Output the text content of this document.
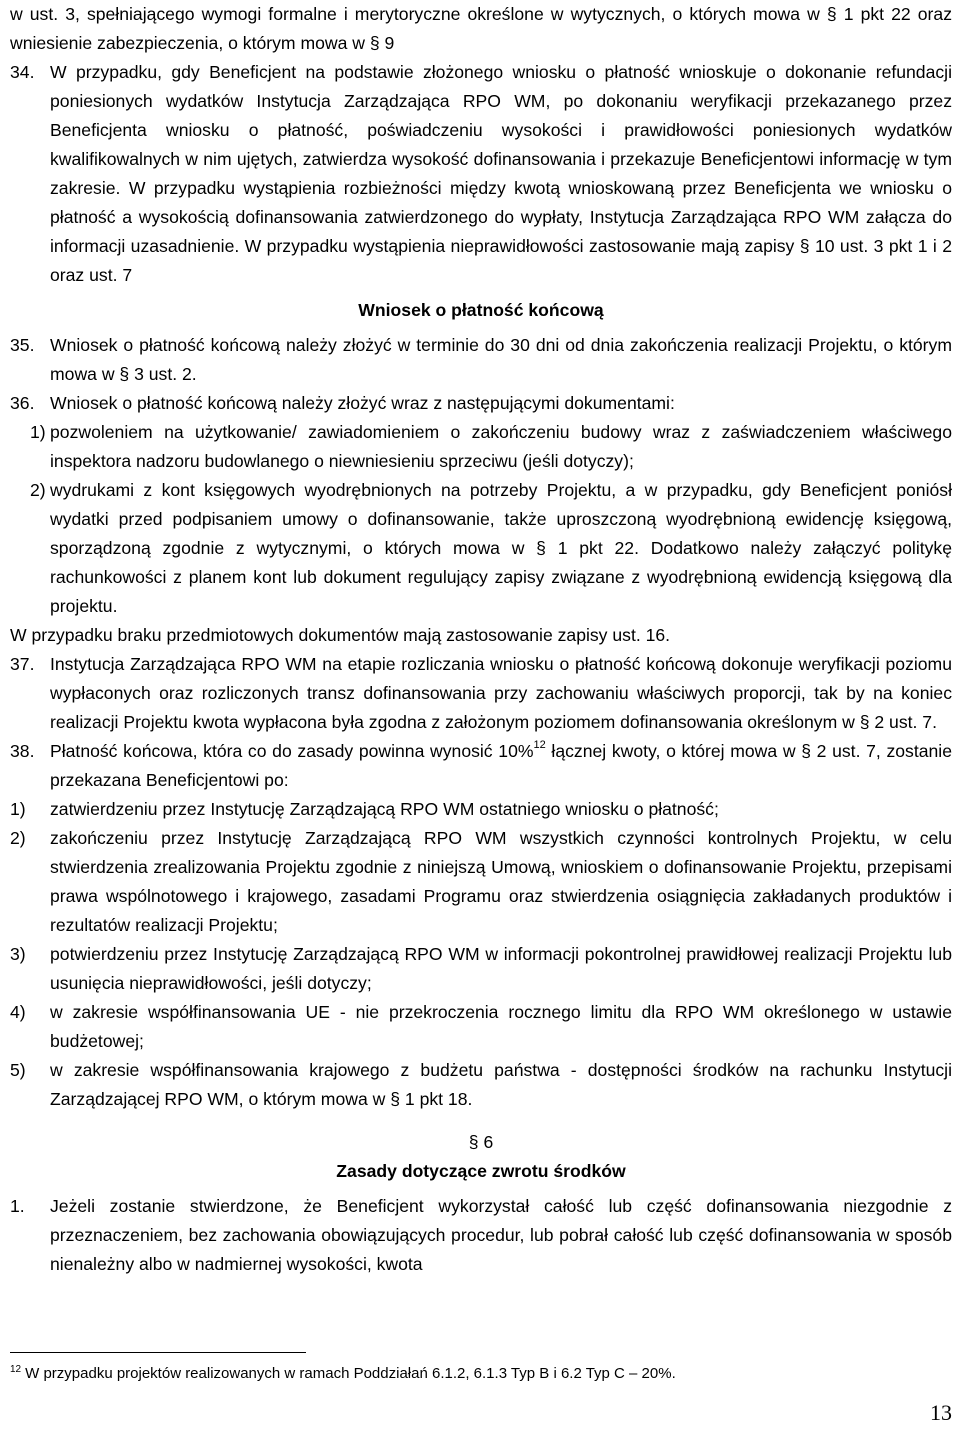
w ust. 3, spełniającego wymogi formalne i merytoryczne określone w wytycznych, o których mowa w § 1 pkt 22 oraz wniesienie zabezpieczenia, o którym mowa w § 9
34. W przypadku, gdy Beneficjent na podstawie złożonego wniosku o płatność wnioskuje o dokonanie refundacji poniesionych wydatków Instytucja Zarządzająca RPO WM, po dokonaniu weryfikacji przekazanego przez Beneficjenta wniosku o płatność, poświadczeniu wysokości i prawidłowości poniesionych wydatków kwalifikowalnych w nim ujętych, zatwierdza wysokość dofinansowania i przekazuje Beneficjentowi informację w tym zakresie. W przypadku wystąpienia rozbieżności między kwotą wnioskowaną przez Beneficjenta we wniosku o płatność a wysokością dofinansowania zatwierdzonego do wypłaty, Instytucja Zarządzająca RPO WM załącza do informacji uzasadnienie. W przypadku wystąpienia nieprawidłowości zastosowanie mają zapisy § 10 ust. 3 pkt 1 i 2 oraz ust. 7
Wniosek o płatność końcową
35. Wniosek o płatność końcową należy złożyć w terminie do 30 dni od dnia zakończenia realizacji Projektu, o którym mowa w § 3 ust. 2.
36. Wniosek o płatność końcową należy złożyć wraz z następującymi dokumentami:
1) pozwoleniem na użytkowanie/ zawiadomieniem o zakończeniu budowy wraz z zaświadczeniem właściwego inspektora nadzoru budowlanego o niewniesieniu sprzeciwu (jeśli dotyczy);
2) wydrukami z kont księgowych wyodrębnionych na potrzeby Projektu, a w przypadku, gdy Beneficjent poniósł wydatki przed podpisaniem umowy o dofinansowanie, także uproszczoną wyodrębnioną ewidencję księgową, sporządzoną zgodnie z wytycznymi, o których mowa w § 1 pkt 22. Dodatkowo należy załączyć politykę rachunkowości z planem kont lub dokument regulujący zapisy związane z wyodrębnioną ewidencją księgową dla projektu.
W przypadku braku przedmiotowych dokumentów mają zastosowanie zapisy ust. 16.
37. Instytucja Zarządzająca RPO WM na etapie rozliczania wniosku o płatność końcową dokonuje weryfikacji poziomu wypłaconych oraz rozliczonych transz dofinansowania przy zachowaniu właściwych proporcji, tak by na koniec realizacji Projektu kwota wypłacona była zgodna z założonym poziomem dofinansowania określonym w § 2 ust. 7.
38. Płatność końcowa, która co do zasady powinna wynosić 10%$^{12}$ łącznej kwoty, o której mowa w § 2 ust. 7, zostanie przekazana Beneficjentowi po:
1) zatwierdzeniu przez Instytucję Zarządzającą RPO WM ostatniego wniosku o płatność;
2) zakończeniu przez Instytucję Zarządzającą RPO WM wszystkich czynności kontrolnych Projektu, w celu stwierdzenia zrealizowania Projektu zgodnie z niniejszą Umową, wnioskiem o dofinansowanie Projektu, przepisami prawa wspólnotowego i krajowego, zasadami Programu oraz stwierdzenia osiągnięcia zakładanych produktów i rezultatów realizacji Projektu;
3) potwierdzeniu przez Instytucję Zarządzającą RPO WM w informacji pokontrolnej prawidłowej realizacji Projektu lub usunięcia nieprawidłowości, jeśli dotyczy;
4) w zakresie współfinansowania UE - nie przekroczenia rocznego limitu dla RPO WM określonego w ustawie budżetowej;
5) w zakresie współfinansowania krajowego z budżetu państwa - dostępności środków na rachunku Instytucji Zarządzającej RPO WM, o którym mowa w § 1 pkt 18.
§ 6
Zasady dotyczące zwrotu środków
1. Jeżeli zostanie stwierdzone, że Beneficjent wykorzystał całość lub część dofinansowania niezgodnie z przeznaczeniem, bez zachowania obowiązujących procedur, lub pobrał całość lub część dofinansowania w sposób nienależny albo w nadmiernej wysokości, kwota
$^{12}$ W przypadku projektów realizowanych w ramach Poddziałań 6.1.2, 6.1.3 Typ B i 6.2 Typ C – 20%.
13
